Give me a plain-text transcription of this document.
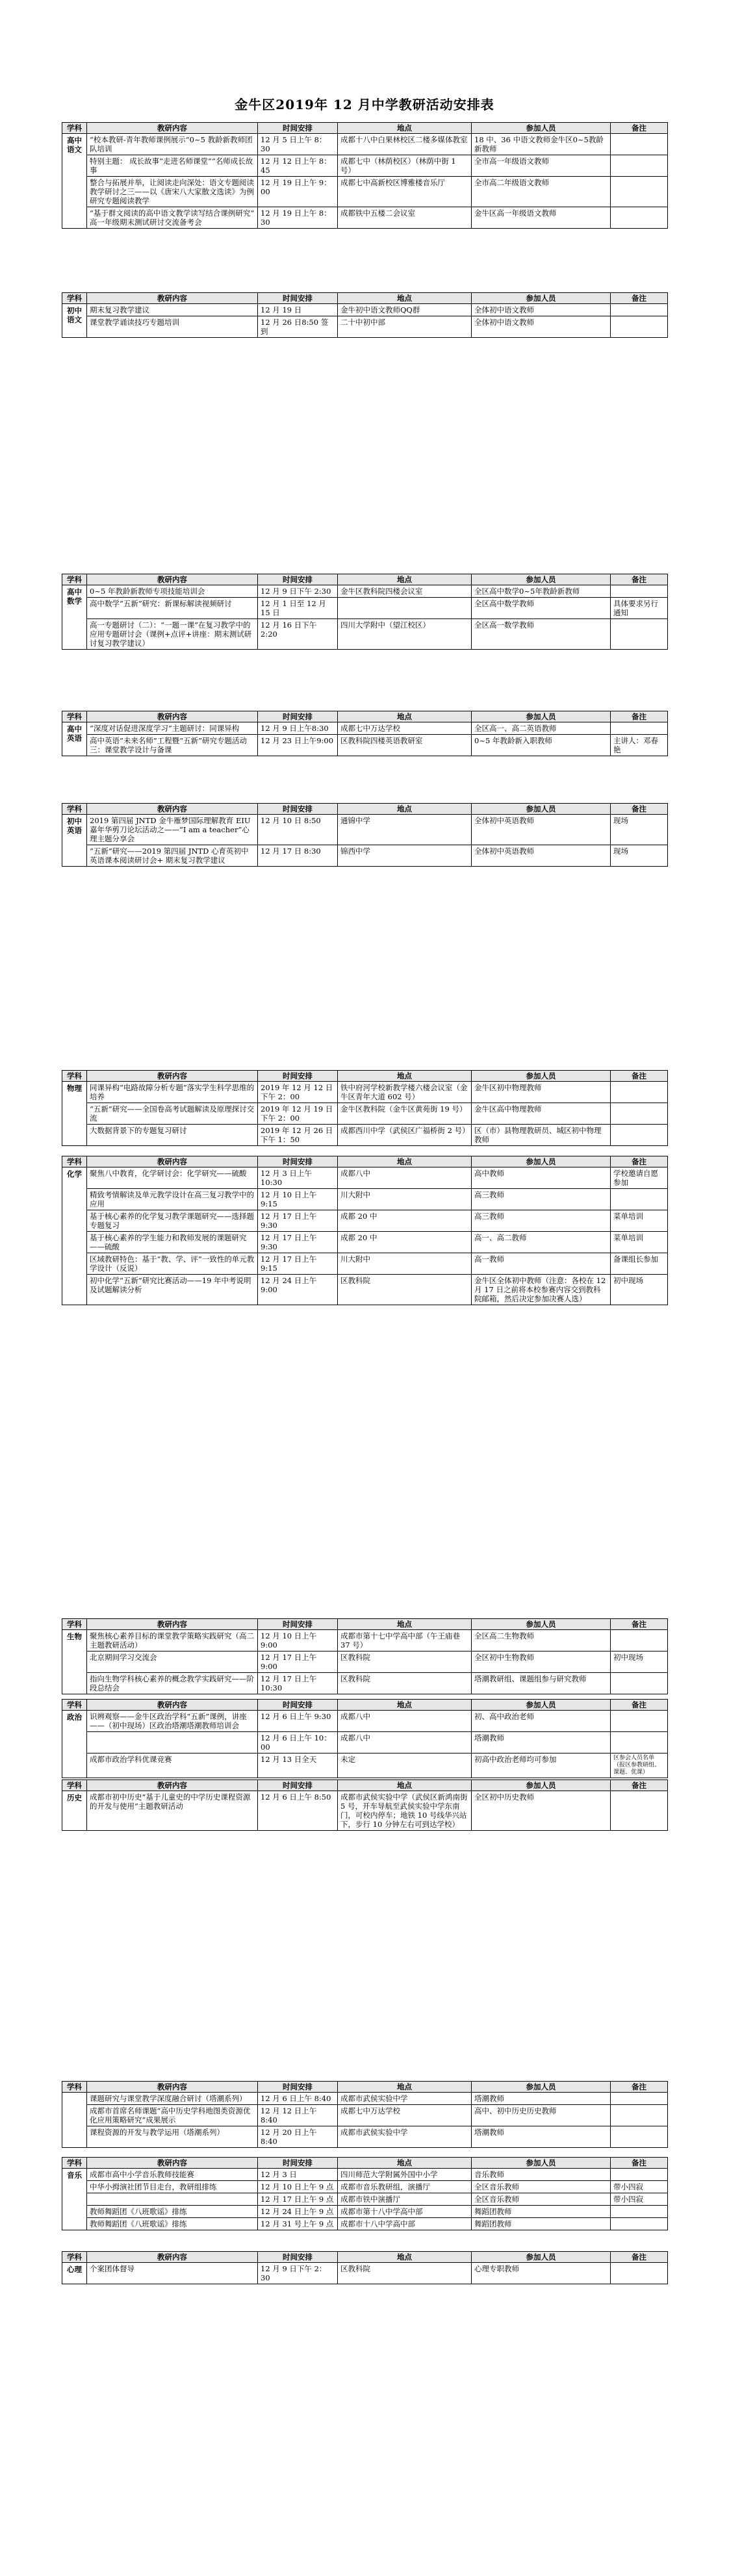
金牛区2019年 12 月中学教研活动安排表
学科	教研内容	时间安排	地点	参加人员	备注
高中语文	“校本教研-青年教师课例展示“0~5 教龄新教师团队培训	12 月 5 日上午 8：30	成都十八中白果林校区二楼多媒体教室	18 中、36 中语文教师金牛区0~5教龄新教师	
	特别主题： 成长故事“走进名师课堂”“名师成长故事	12 月 12 日上午 8：45	成都七中（林荫校区）（林荫中街 1 号）	全市高一年级语文教师	
	整合与拓展并举，让阅读走向深处：语文专题阅读教学研讨之三——以《唐宋八大家散文选读》为例研究专题阅读教学	12 月 19 日上午 9：00	成都七中高新校区博雅楼音乐厅	全市高二年级语文教师	
	“基于群文阅读的高中语文教学读写结合课例研究“ 高一年级期末测试研讨交流备考会	12 月 19 日上午 8：30	成都铁中五楼二会议室	金牛区高一年级语文教师	
学科	教研内容	时间安排	地点	参加人员	备注
初中语文	期末复习教学建议	12 月 19 日	金牛初中语文教师QQ群	全体初中语文教师	
	课堂教学诵读技巧专题培训	12 月 26 日8:50 签到	二十中初中部	全体初中语文教师	
学科	教研内容	时间安排	地点	参加人员	备注
高中数学	0~5 年教龄新教师专项技能培训会	12 月 9 日下午 2:30	金牛区教科院四楼会议室	全区高中数学0~5年教龄新教师	
	高中数学“五新”研究：新课标解读视频研讨	12 月 1 日至 12 月 15 日		全区高中数学教师	具体要求另行通知
	高一专题研讨（二）：“一题一课”在复习教学中的应用专题研讨会（课例+点评+讲座：期末测试研讨复习教学建议）	12 月 16 日下午 2:20	四川大学附中（望江校区）	全区高一数学教师	
学科	教研内容	时间安排	地点	参加人员	备注
高中英语	“深度对话促进深度学习”主题研讨：同课异构	12 月 9 日上午8:30	成都七中万达学校	全区高一、高二英语教师	
	高中英语“未来名师”工程暨“五新”研究专题活动三：课堂教学设计与备课	12 月 23 日上午9:00	区教科院四楼英语教研室	0~5 年教龄新入职教师	主讲人：邓春艳
学科	教研内容	时间安排	地点	参加人员	备注
初中英语	2019 第四届 JNTD 金牛雁梦国际理解教育 EIU 嘉年华剪刀论坛活动之——“I am a teacher”心理主题分享会	12 月 10 日 8:50	通锦中学	全体初中英语教师	现场
	“五新”研究——2019 第四届 JNTD 心育英初中英语课本阅读研讨会+ 期末复习教学建议	12 月 17 日 8:30	锦西中学	全体初中英语教师	现场
学科	教研内容	时间安排	地点	参加人员	备注
物理	同课异构“电路故障分析专题”落实学生科学思维的培养	2019 年 12 月 12 日下午 2：00	铁中府河学校新教学楼六楼会议室（金牛区青年大道 602 号）	金牛区初中物理教师	
	“五新”研究——全国卷高考试题解读及原理探讨交流	2019 年 12 月 19 日下午 2：00	金牛区教科院（金牛区黄苑街 19 号）	金牛区高中物理教师	
	大数据背景下的专题复习研讨	2019 年 12 月 26 日下午 1：50	成都西川中学（武侯区广福桥街 2 号）	区（市）县物理教研员、城区初中物理教师	
学科	教研内容	时间安排	地点	参加人员	备注
化学	聚焦八中教育，化学研讨会：化学研究——硫酸	12 月 3 日上午 10:30	成都八中	高中教师	学校邀请自愿参加
	精致考情解读及单元教学设计在高三复习教学中的应用	12 月 10 日上午 9:15	川大附中	高三教师	
	基于核心素养的化学复习教学课题研究——选择题专题复习	12 月 17 日上午 9:30	成都 20 中	高三教师	菜单培训
	基于核心素养的学生能力和教师发展的课题研究——硫酸	12 月 17 日上午 9:30	成都 20 中	高一、高二教师	菜单培训
	区域教研特色：基于“教、学、评”一致性的单元教学设计（反说）	12 月 17 日上午 9:15	川大附中	高一教师	备课组长参加
	初中化学“五新”研究比赛活动——19 年中考说明及试题解读分析	12 月 24 日上午 9:00	区教科院	金牛区全体初中教师（注意：各校在 12 月 17 日之前将本校参赛内容交到教科院邮箱，然后决定参加决赛人选）	初中现场
学科	教研内容	时间安排	地点	参加人员	备注
生物	聚焦核心素养目标的课堂教学策略实践研究（高二主题教研活动）	12 月 10 日上午 9:00	成都市第十七中学高中部（午王庙巷 37 号）	全区高二生物教师	
	北京期间学习交流会	12 月 17 日上午 9:00	区教科院	全区初中生物教师	初中现场
	指向生物学科核心素养的概念教学实践研究——阶段总结会	12 月 17 日上午 10:30	区教科院	塔潮教研组、课题组参与研究教师	
学科	教研内容	时间安排	地点	参加人员	备注
政治	识辨观察——金牛区政治学科“五新”课例，讲座——（初中现场）区政治塔潮塔潮教师培训会	12 月 6 日上午 9:30	成都八中	初、高中政治老师	
		12 月 6 日上午 10：00	成都八中	塔潮教师	
	成都市政治学科优课竞赛	12 月 13 日全天	未定	初高中政治老师均可参加	区参会人员名单（报区参教研组、课题、优课）
学科	教研内容	时间安排	地点	参加人员	备注
历史	成都市初中历史“基于儿童史的中学历史课程资源的开发与使用”主题教研活动	12 月 6 日上午 8:50	成都市武侯实验中学（武侯区新鸿南街 5 号，开车导航至武侯实验中学东南门，可校内停车；地铁 10 号线华兴站下，步行 10 分钟左右可到达学校）	全区初中历史教师	
学科	教研内容	时间安排	地点	参加人员	备注
	课题研究与课堂教学深度融合研讨（塔潮系列）	12 月 6 日上午 8:40	成都市武侯实验中学	塔潮教师	
	成都市首席名师课题“高中历史学科地图类资源优化应用策略研究”成果展示	12 月 12 日上午 8:40	成都七中万达学校	高中、初中历史历史教师	
	课程资源的开发与教学运用（塔潮系列）	12 月 20 日上午 8:40	成都市武侯实验中学	塔潮教师	
学科	教研内容	时间安排	地点	参加人员	备注
音乐	成都市高中小学音乐教师技能赛	12 月 3 日	四川师范大学附属外国中小学	音乐教师	
	中华小拇演社团节目走台，教研组排练	12 月 10 日上午 9 点	成都市音乐教研组，演播厅	全区音乐教师	带小四寂
		12 月 17 日上午 9 点	成都市铁中演播厅	全区音乐教师	带小四寂
	教师舞蹈团《八班歌谣》排练	12 月 24 日上午 9 点	成都市第十八中学高中部	舞蹈团教师	
	教师舞蹈团《八班歌谣》排练	12 月 31 号上午 9 点	成都市十八中学高中部	舞蹈团教师	
学科	教研内容	时间安排	地点	参加人员	备注
心理	个案团体督导	12 月 9 日下午 2：30	区教科院	心理专职教师	
